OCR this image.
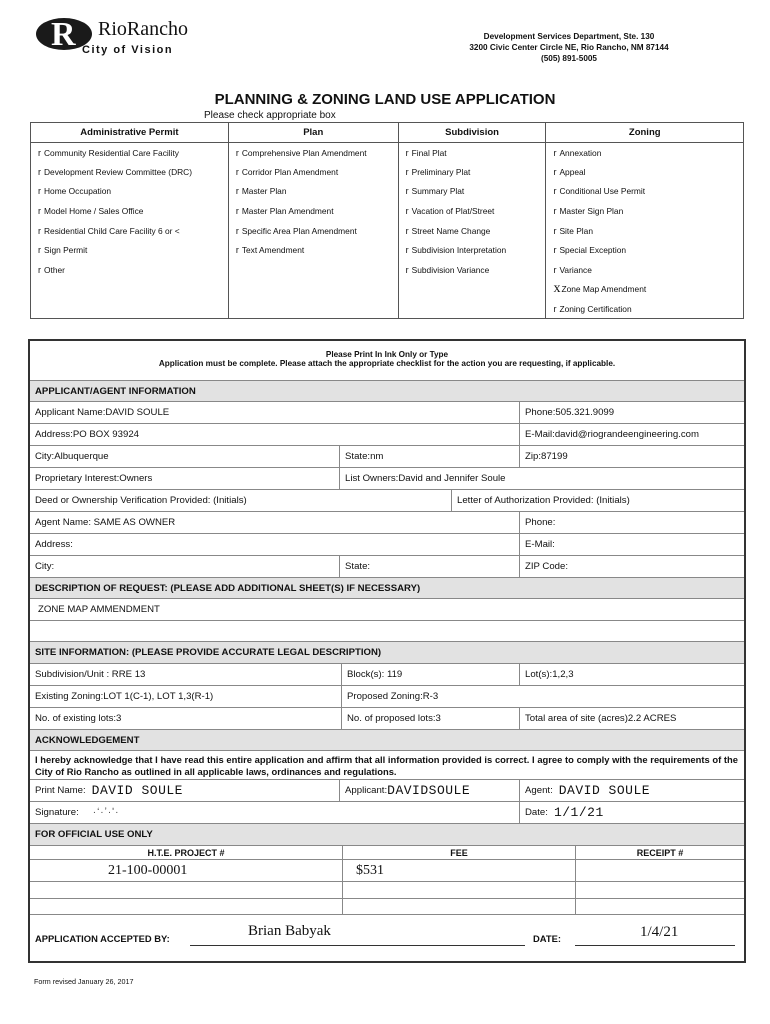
R RioRancho
City of Vision
Development Services Department, Ste. 130
3200 Civic Center Circle NE, Rio Rancho, NM 87144
(505) 891-5005
PLANNING & ZONING LAND USE APPLICATION
Please check appropriate box
Administrative Permit	Plan	Subdivision	Zoning
r Community Residential Care Facility	r Comprehensive Plan Amendment	r Final Plat	r Annexation
r Development Review Committee (DRC)	r Corridor Plan Amendment	r Preliminary Plat	r Appeal
r Home Occupation	r Master Plan	r Summary Plat	r Conditional Use Permit
r Model Home / Sales Office	r Master Plan Amendment	r Vacation of Plat/Street	r Master Sign Plan
r Residential Child Care Facility 6 or <	r Specific Area Plan Amendment	r Street Name Change	r Site Plan
r Sign Permit	r Text Amendment	r Subdivision Interpretation	r Special Exception
r Other		r Subdivision Variance	r Variance
			xZone Map Amendment
			r Zoning Certification
Please Print In Ink Only or Type
Application must be complete. Please attach the appropriate checklist for the action you are requesting, if applicable.
APPLICANT/AGENT INFORMATION
Applicant Name:DAVID SOULE	Phone:505.321.9099
Address:PO BOX 93924	E-Mail:david@riograndeengineering.com
City:Albuquerque	State:nm	Zip:87199
Proprietary Interest:Owners	List Owners:David and Jennifer Soule
Deed or Ownership Verification Provided: (Initials)	Letter of Authorization Provided: (Initials)
Agent Name: SAME AS OWNER	Phone:
Address:	E-Mail:
City:	State:	ZIP Code:
DESCRIPTION OF REQUEST: (PLEASE ADD ADDITIONAL SHEET(S) IF NECESSARY)
ZONE MAP AMMENDMENT
SITE INFORMATION: (PLEASE PROVIDE ACCURATE LEGAL DESCRIPTION)
Subdivision/Unit : RRE 13	Block(s): 119	Lot(s):1,2,3
Existing Zoning:LOT 1(C-1), LOT 1,3(R-1)	Proposed Zoning:R-3
No. of existing lots:3	No. of proposed lots:3	Total area of site (acres)2.2 ACRES
ACKNOWLEDGEMENT
I hereby acknowledge that I have read this entire application and affirm that all information provided is correct. I agree to comply with the requirements of the City of Rio Rancho as outlined in all applicable laws, ordinances and regulations.
Print Name: DAVID SOULE	Applicant: DAVIDSOULE	Agent: DAVID SOULE
Signature: ·ʻ·ʼ·ʹ·	Date: 1/1/21
FOR OFFICIAL USE ONLY
H.T.E. PROJECT #	FEE	RECEIPT #
21-100-00001	$531
APPLICATION ACCEPTED BY:	Brian Babyak	DATE:	1/4/21
Form revised January 26, 2017
